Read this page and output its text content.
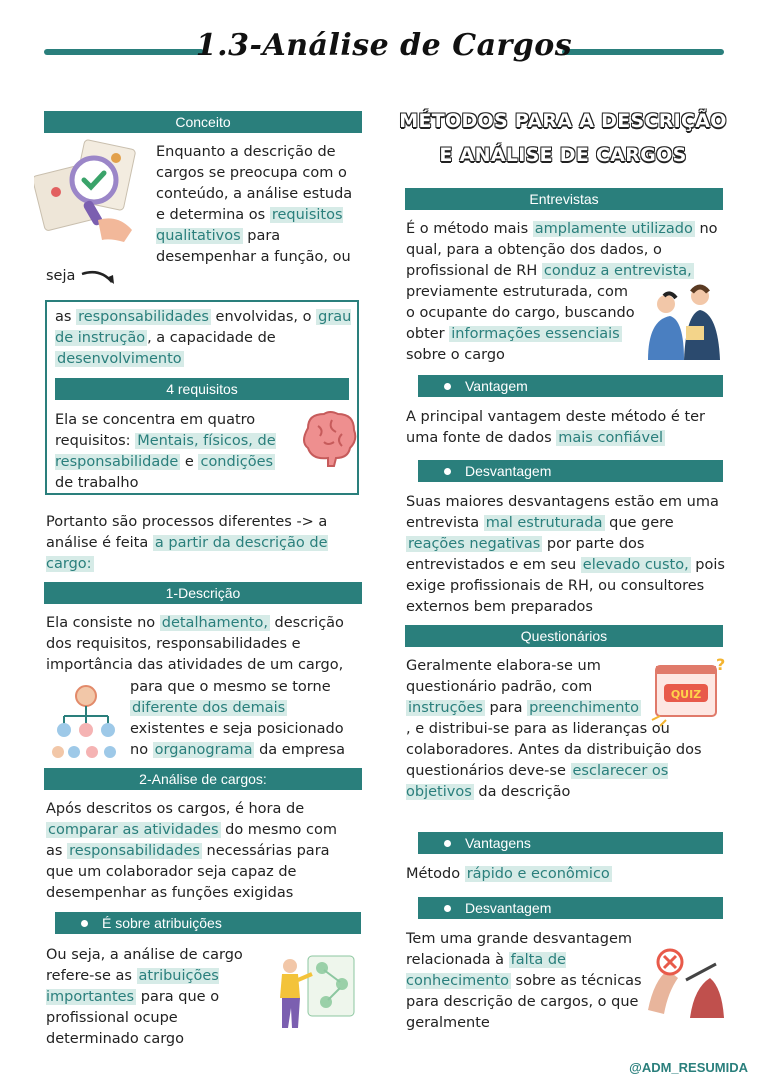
1.3-Análise de Cargos
Conceito
Enquanto a descrição de cargos se preocupa com o conteúdo, a análise estuda e determina os requisitos qualitativos para desempenhar a função, ou
seja
as responsabilidades envolvidas, o grau de instrução , a capacidade de desenvolvimento
4 requisitos
Ela se concentra em quatro requisitos: Mentais, físicos, de responsabilidade e condições de trabalho
Portanto são processos diferentes -> a análise é feita a partir da descrição de cargo:
1-Descrição
Ela consiste no detalhamento, descrição dos requisitos, responsabilidades e importância das atividades de um cargo,
para que o mesmo se torne diferente dos demais existentes e seja posicionado no organograma da empresa
2-Análise de cargos:
Após descritos os cargos, é hora de comparar as atividades do mesmo com as responsabilidades necessárias para que um colaborador seja capaz de desempenhar as funções exigidas
É sobre atribuições
Ou seja, a análise de cargo refere-se as atribuições importantes para que o profissional ocupe determinado cargo
MÉTODOS PARA A DESCRIÇÃO E ANÁLISE DE CARGOS
Entrevistas
É o método mais amplamente utilizado no qual, para a obtenção dos dados, o profissional de RH conduz a entrevista,
previamente estruturada, com o ocupante do cargo, buscando obter informações essenciais sobre o cargo
Vantagem
A principal vantagem deste método é ter uma fonte de dados mais confiável
Desvantagem
Suas maiores desvantagens estão em uma entrevista mal estruturada que gere reações negativas por parte dos entrevistados e em seu elevado custo, pois exige profissionais de RH, ou consultores externos bem preparados
Questionários
Geralmente elabora-se um questionário padrão, com instruções para preenchimento
, e distribui-se para as lideranças ou colaboradores. Antes da distribuição dos questionários deve-se esclarecer os objetivos da descrição
QUIZ
?
Vantagens
Método rápido e econômico
Desvantagem
Tem uma grande desvantagem relacionada à falta de conhecimento sobre as técnicas para descrição de cargos, o que geralmente
@ADM_RESUMIDA
